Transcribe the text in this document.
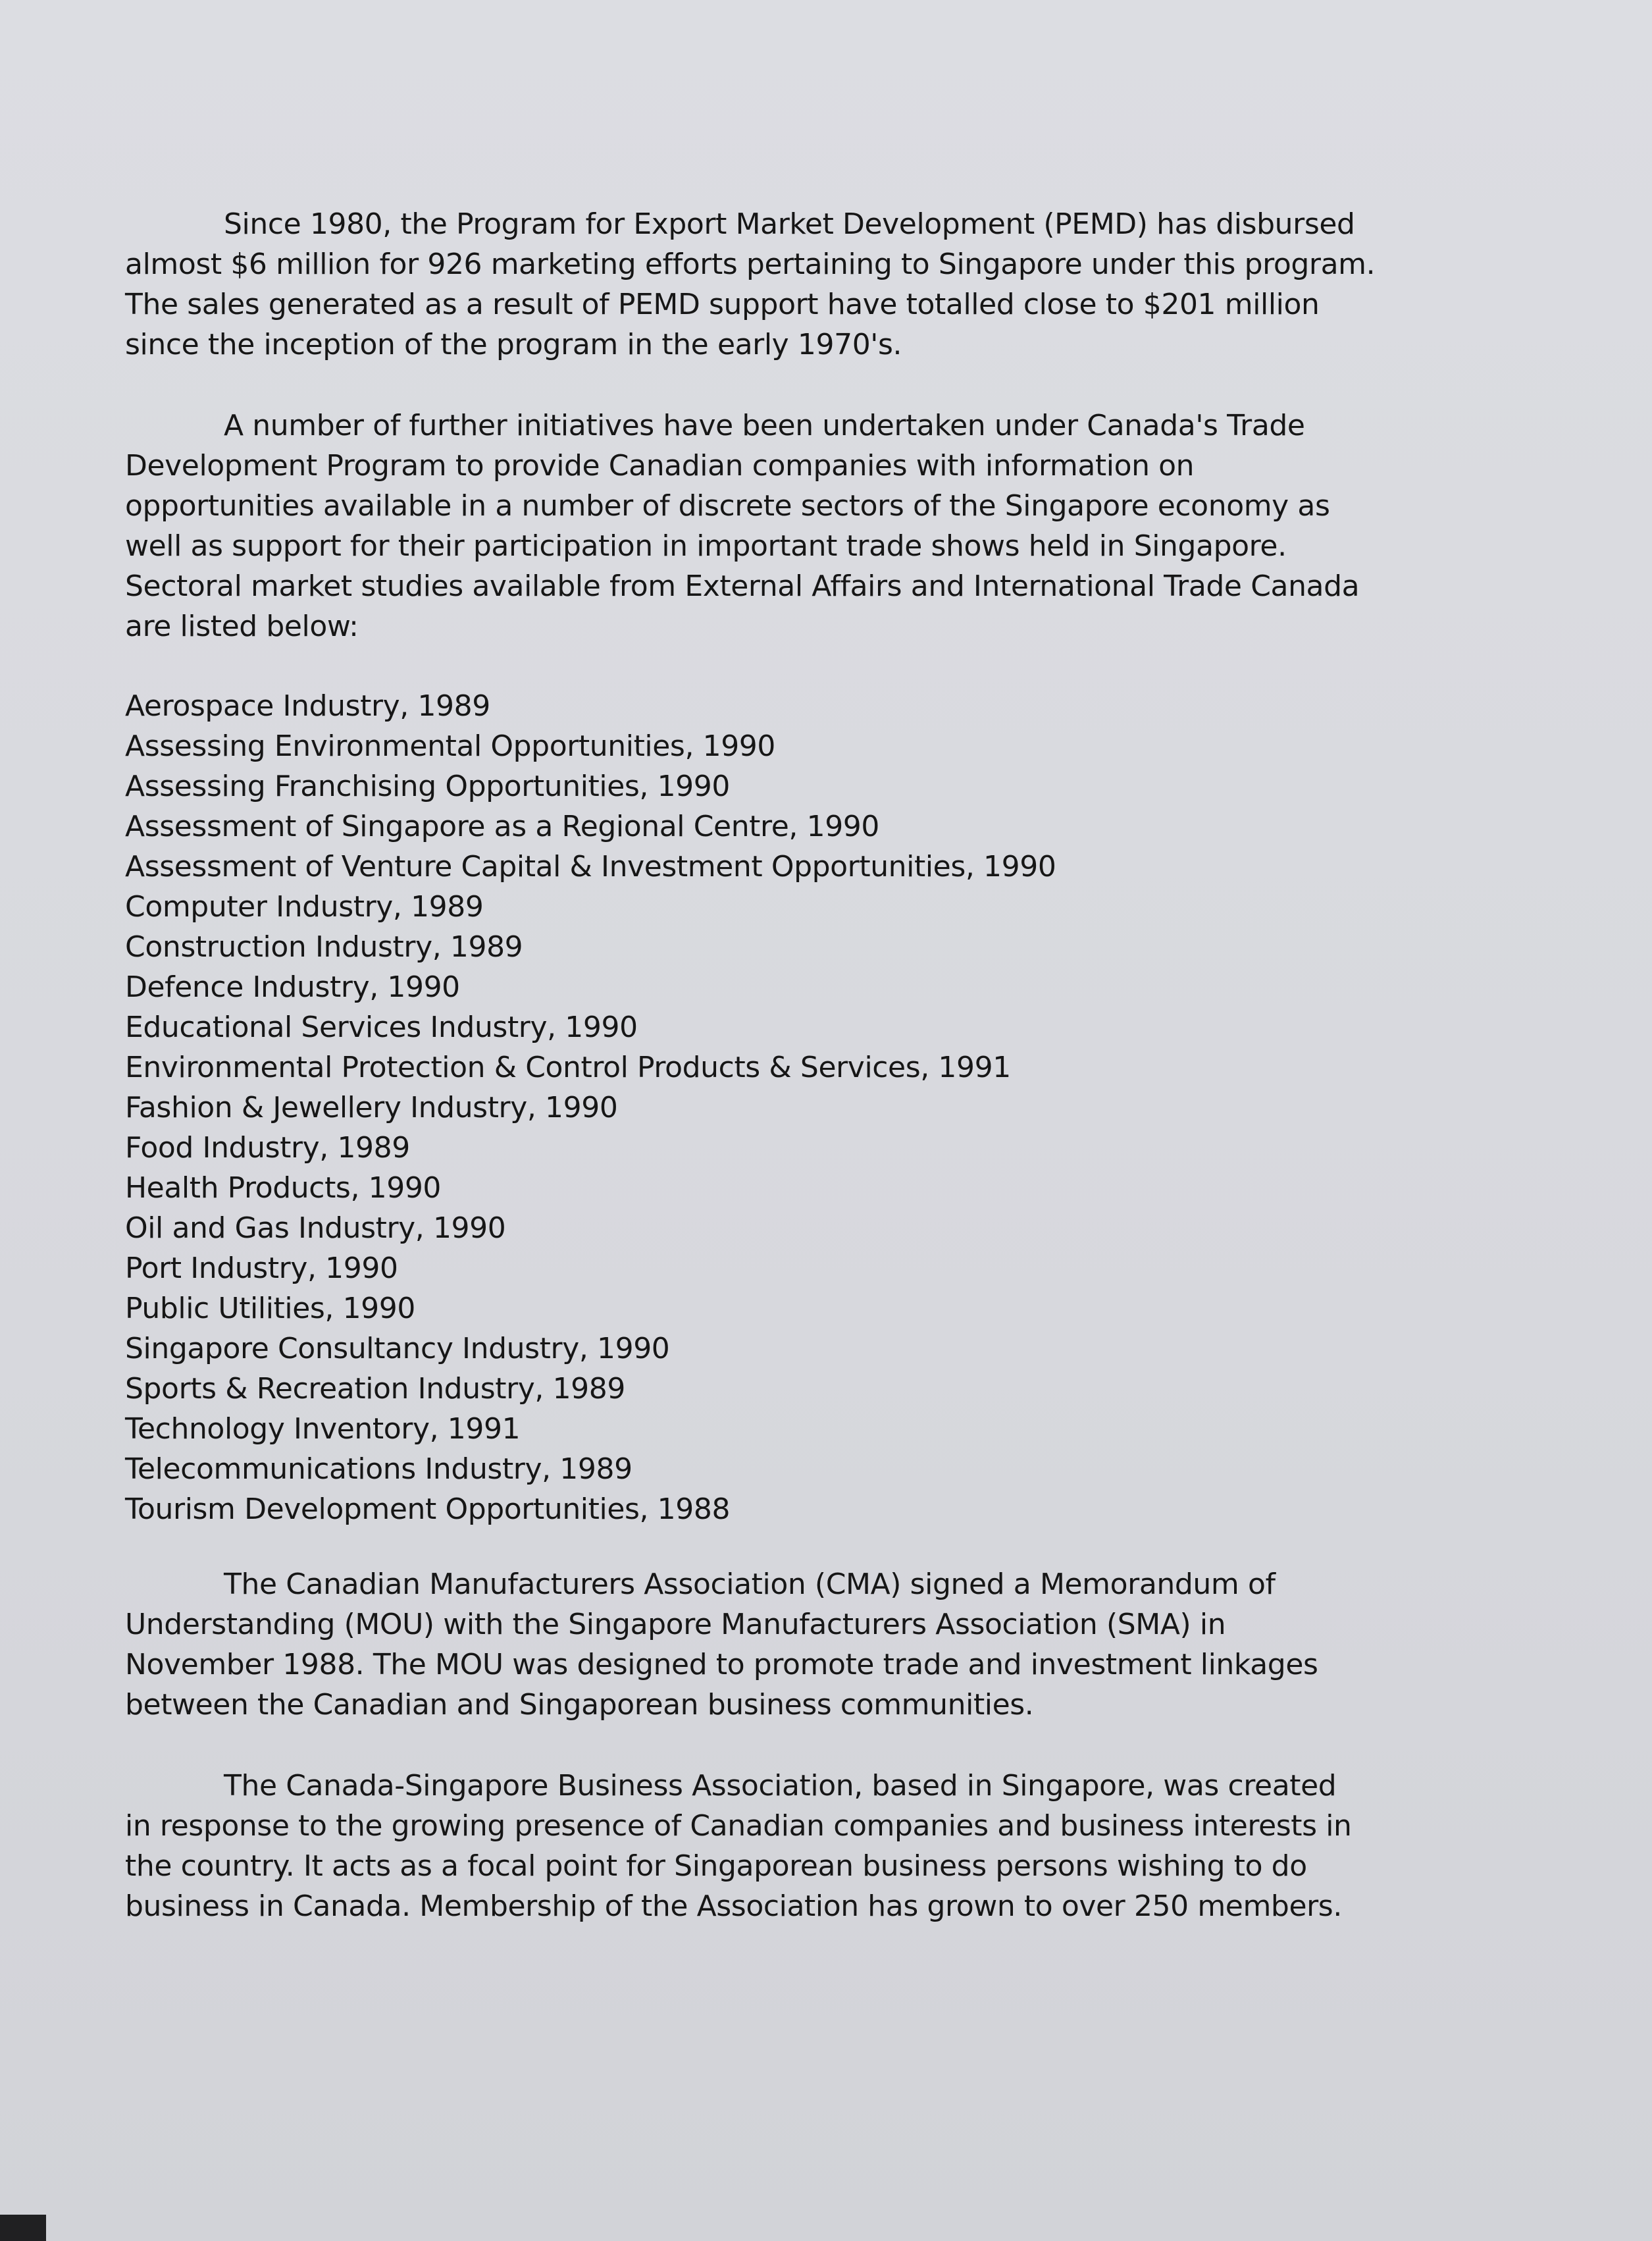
Since 1980, the Program for Export Market Development (PEMD) has disbursed
almost $6 million for 926 marketing efforts pertaining to Singapore under this program.
The sales generated as a result of PEMD support have totalled close to $201 million
since the inception of the program in the early 1970's.

A number of further initiatives have been undertaken under Canada's Trade
Development Program to provide Canadian companies with information on
opportunities available in a number of discrete sectors of the Singapore economy as
well as support for their participation in important trade shows held in Singapore.
Sectoral market studies available from External Affairs and International Trade Canada
are listed below:

Aerospace Industry, 1989
Assessing Environmental Opportunities, 1990
Assessing Franchising Opportunities, 1990
Assessment of Singapore as a Regional Centre, 1990
Assessment of Venture Capital & Investment Opportunities, 1990
Computer Industry, 1989
Construction Industry, 1989
Defence Industry, 1990
Educational Services Industry, 1990
Environmental Protection & Control Products & Services, 1991
Fashion & Jewellery Industry, 1990
Food Industry, 1989
Health Products, 1990
Oil and Gas Industry, 1990
Port Industry, 1990
Public Utilities, 1990
Singapore Consultancy Industry, 1990
Sports & Recreation Industry, 1989
Technology Inventory, 1991
Telecommunications Industry, 1989
Tourism Development Opportunities, 1988

The Canadian Manufacturers Association (CMA) signed a Memorandum of
Understanding (MOU) with the Singapore Manufacturers Association (SMA) in
November 1988. The MOU was designed to promote trade and investment linkages
between the Canadian and Singaporean business communities.

The Canada-Singapore Business Association, based in Singapore, was created
in response to the growing presence of Canadian companies and business interests in
the country. It acts as a focal point for Singaporean business persons wishing to do
business in Canada. Membership of the Association has grown to over 250 members.
